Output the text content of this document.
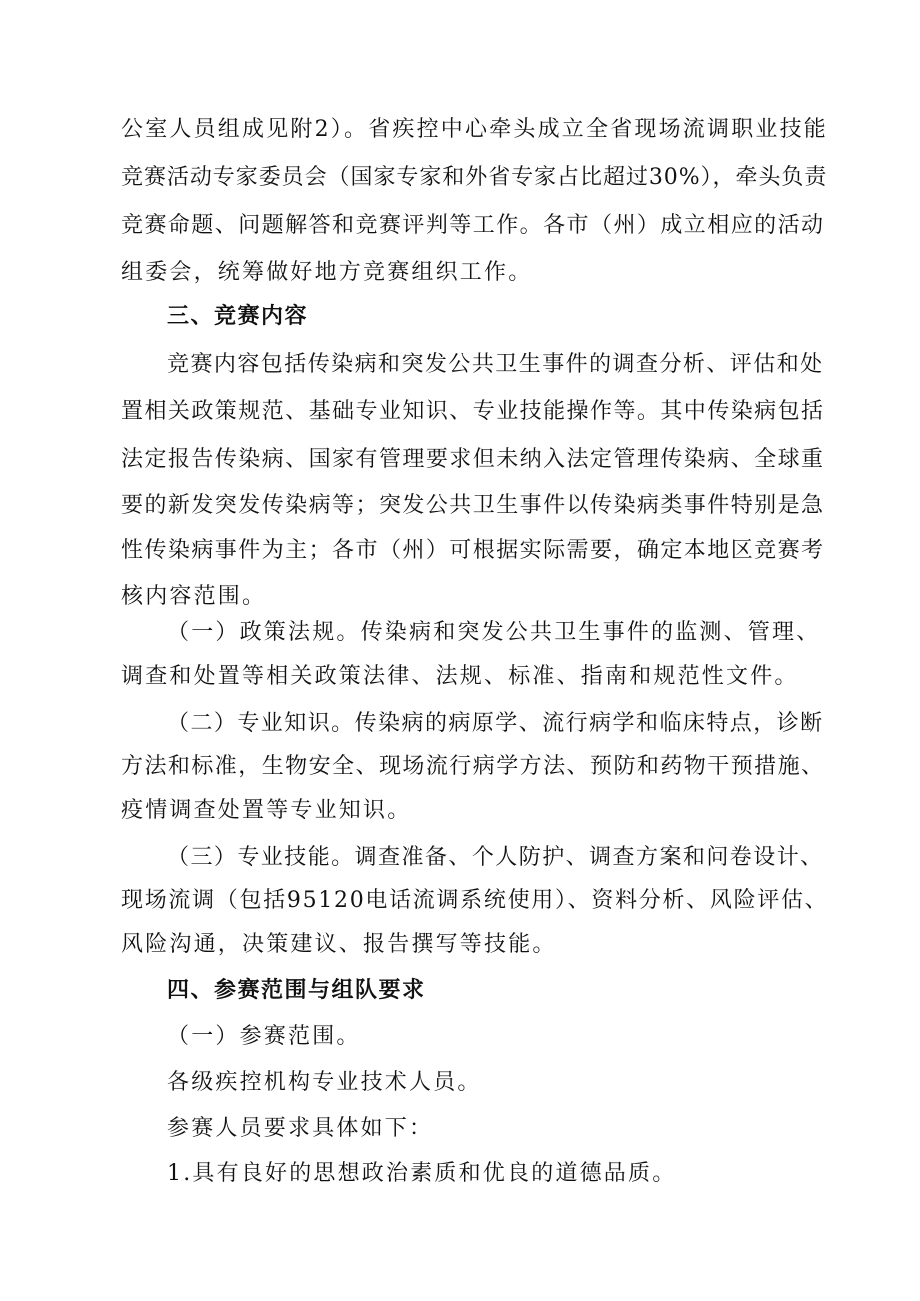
公室人员组成见附2）。省疾控中心牵头成立全省现场流调职业技能
竞赛活动专家委员会（国家专家和外省专家占比超过30%），牵头负责
竞赛命题、问题解答和竞赛评判等工作。各市（州）成立相应的活动
组委会，统筹做好地方竞赛组织工作。
三、竞赛内容
竞赛内容包括传染病和突发公共卫生事件的调查分析、评估和处
置相关政策规范、基础专业知识、专业技能操作等。其中传染病包括
法定报告传染病、国家有管理要求但未纳入法定管理传染病、全球重
要的新发突发传染病等；突发公共卫生事件以传染病类事件特别是急
性传染病事件为主；各市（州）可根据实际需要，确定本地区竞赛考
核内容范围。
（一）政策法规。传染病和突发公共卫生事件的监测、管理、
调查和处置等相关政策法律、法规、标准、指南和规范性文件。
（二）专业知识。传染病的病原学、流行病学和临床特点，诊断
方法和标准，生物安全、现场流行病学方法、预防和药物干预措施、
疫情调查处置等专业知识。
（三）专业技能。调查准备、个人防护、调查方案和问卷设计、
现场流调（包括95120电话流调系统使用）、资料分析、风险评估、
风险沟通，决策建议、报告撰写等技能。
四、参赛范围与组队要求
（一）参赛范围。
各级疾控机构专业技术人员。
参赛人员要求具体如下：
1.具有良好的思想政治素质和优良的道德品质。
